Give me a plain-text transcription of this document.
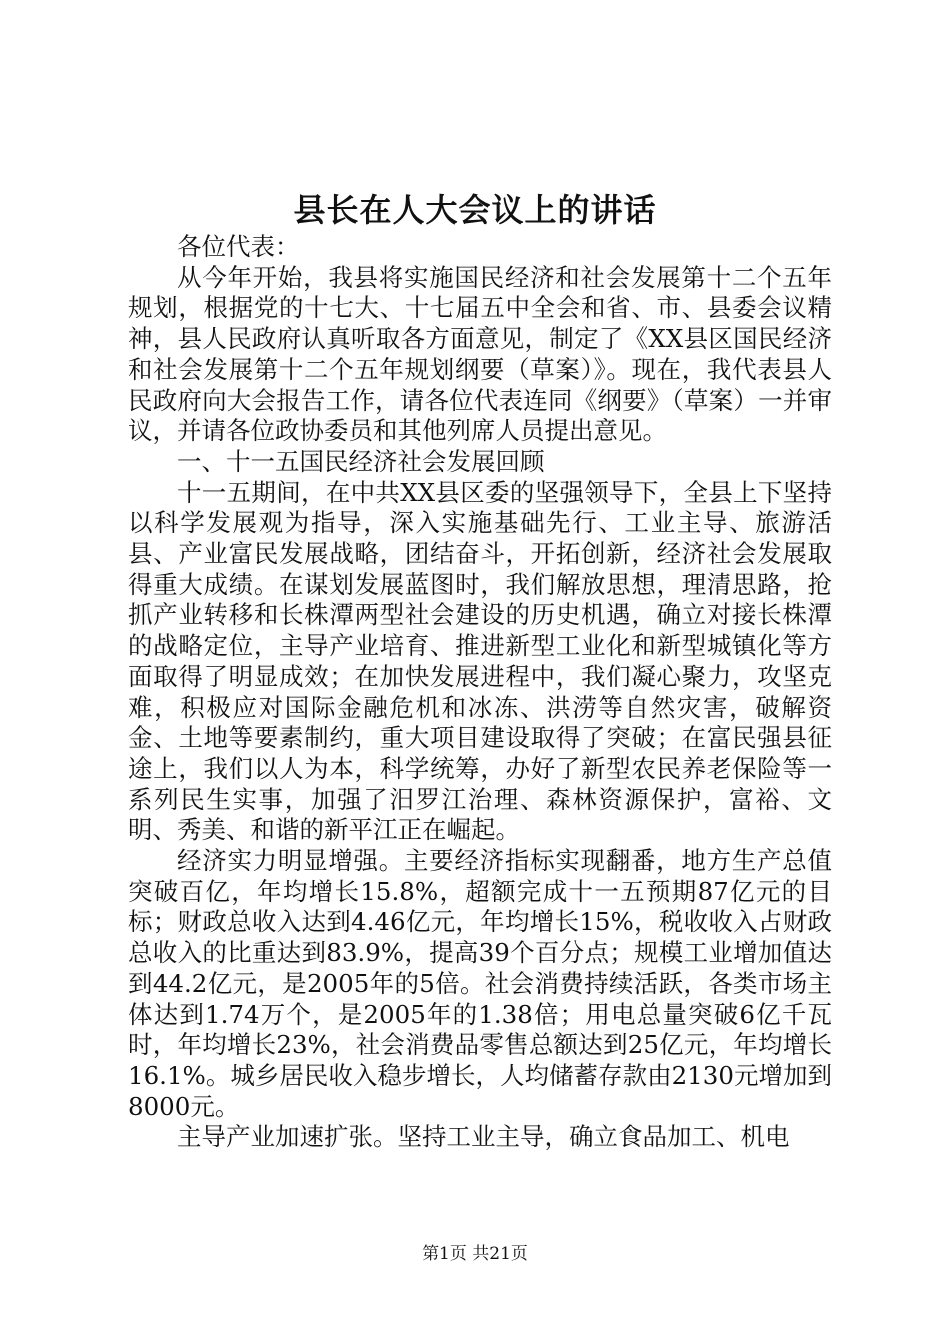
县长在人大会议上的讲话

各位代表：

从今年开始，我县将实施国民经济和社会发展第十二个五年规划，根据党的十七大、十七届五中全会和省、市、县委会议精神，县人民政府认真听取各方面意见，制定了《XX县区国民经济和社会发展第十二个五年规划纲要（草案）》。现在，我代表县人民政府向大会报告工作，请各位代表连同《纲要》（草案）一并审议，并请各位政协委员和其他列席人员提出意见。

一、十一五国民经济社会发展回顾

十一五期间，在中共XX县区委的坚强领导下，全县上下坚持以科学发展观为指导，深入实施基础先行、工业主导、旅游活县、产业富民发展战略，团结奋斗，开拓创新，经济社会发展取得重大成绩。在谋划发展蓝图时，我们解放思想，理清思路，抢抓产业转移和长株潭两型社会建设的历史机遇，确立对接长株潭的战略定位，主导产业培育、推进新型工业化和新型城镇化等方面取得了明显成效；在加快发展进程中，我们凝心聚力，攻坚克难，积极应对国际金融危机和冰冻、洪涝等自然灾害，破解资金、土地等要素制约，重大项目建设取得了突破；在富民强县征途上，我们以人为本，科学统筹，办好了新型农民养老保险等一系列民生实事，加强了汨罗江治理、森林资源保护，富裕、文明、秀美、和谐的新平江正在崛起。

经济实力明显增强。主要经济指标实现翻番，地方生产总值突破百亿，年均增长15.8%，超额完成十一五预期87亿元的目标；财政总收入达到4.46亿元，年均增长15%，税收收入占财政总收入的比重达到83.9%，提高39个百分点；规模工业增加值达到44.2亿元，是2005年的5倍。社会消费持续活跃，各类市场主体达到1.74万个，是2005年的1.38倍；用电总量突破6亿千瓦时，年均增长23%，社会消费品零售总额达到25亿元，年均增长16.1%。城乡居民收入稳步增长，人均储蓄存款由2130元增加到8000元。

主导产业加速扩张。坚持工业主导，确立食品加工、机电

第1页 共21页
